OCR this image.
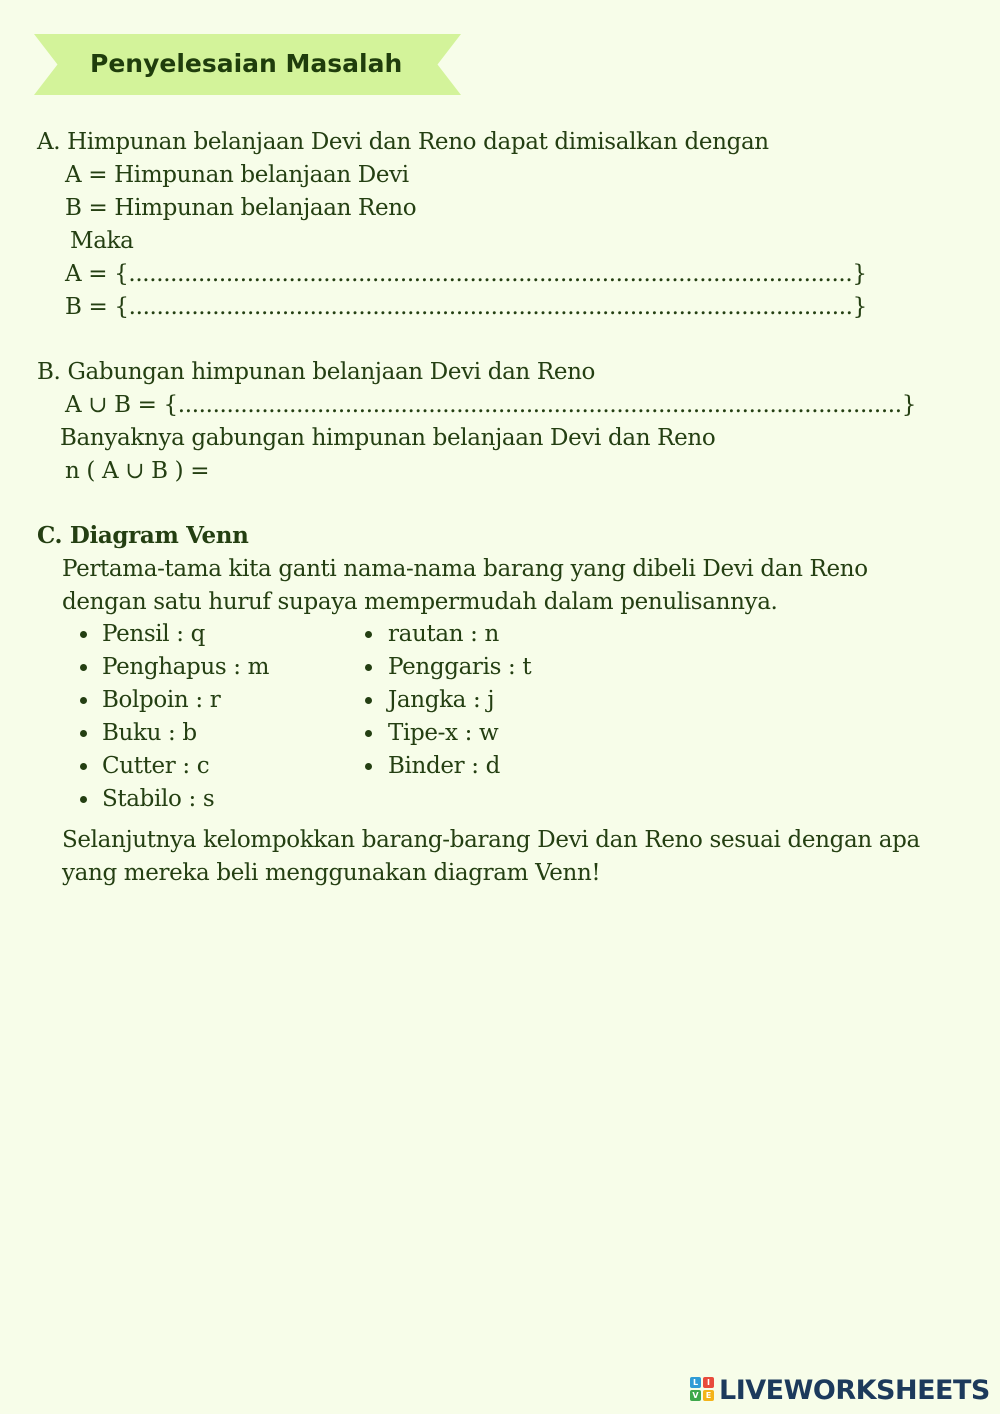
Penyelesaian Masalah
A. Himpunan belanjaan Devi dan Reno dapat dimisalkan dengan
A = Himpunan belanjaan Devi
B = Himpunan belanjaan Reno
Maka
A = {........................................................................................................}
B = {........................................................................................................}
B. Gabungan himpunan belanjaan Devi dan Reno
A ∪ B = {........................................................................................................}
Banyaknya gabungan himpunan belanjaan Devi dan Reno
n ( A ∪ B ) =
C. Diagram Venn
Pertama-tama kita ganti nama-nama barang yang dibeli Devi dan Reno
dengan satu huruf supaya mempermudah dalam penulisannya.
Pensil : q
Penghapus : m
Bolpoin : r
Buku : b
Cutter : c
Stabilo : s
rautan : n
Penggaris : t
Jangka : j
Tipe-x : w
Binder : d
Selanjutnya kelompokkan barang-barang Devi dan Reno sesuai dengan apa
yang mereka beli menggunakan diagram Venn!
L	I
V E LIVEWORKSHEETS
